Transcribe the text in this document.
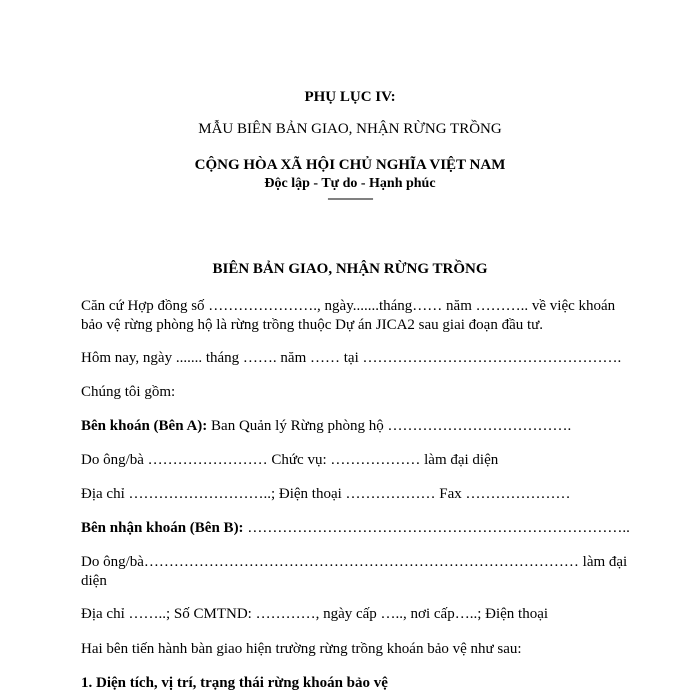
PHỤ LỤC IV:
MẪU BIÊN BẢN GIAO, NHẬN RỪNG TRỒNG
CỘNG HÒA XÃ HỘI CHỦ NGHĨA VIỆT NAM
Độc lập - Tự do - Hạnh phúc
---------------
BIÊN BẢN GIAO, NHẬN RỪNG TRỒNG
Căn cứ Hợp đồng số …………………., ngày.......tháng…… năm ……….. về việc khoán
bảo vệ rừng phòng hộ là rừng trồng thuộc Dự án JICA2 sau giai đoạn đầu tư.
Hôm nay, ngày ....... tháng ……. năm …… tại …………………………………………….
Chúng tôi gồm:
Bên khoán (Bên A): Ban Quản lý Rừng phòng hộ ……………………………….
Do ông/bà …………………… Chức vụ: ……………… làm đại diện
Địa chỉ ………………………..; Điện thoại ……………… Fax …………………
Bên nhận khoán (Bên B): …………………………………………………………………..
Do ông/bà…………………………………………………………………………… làm đại
diện
Địa chỉ ……..; Số CMTND: …………, ngày cấp ….., nơi cấp…..; Điện thoại
Hai bên tiến hành bàn giao hiện trường rừng trồng khoán bảo vệ như sau:
1. Diện tích, vị trí, trạng thái rừng khoán bảo vệ
